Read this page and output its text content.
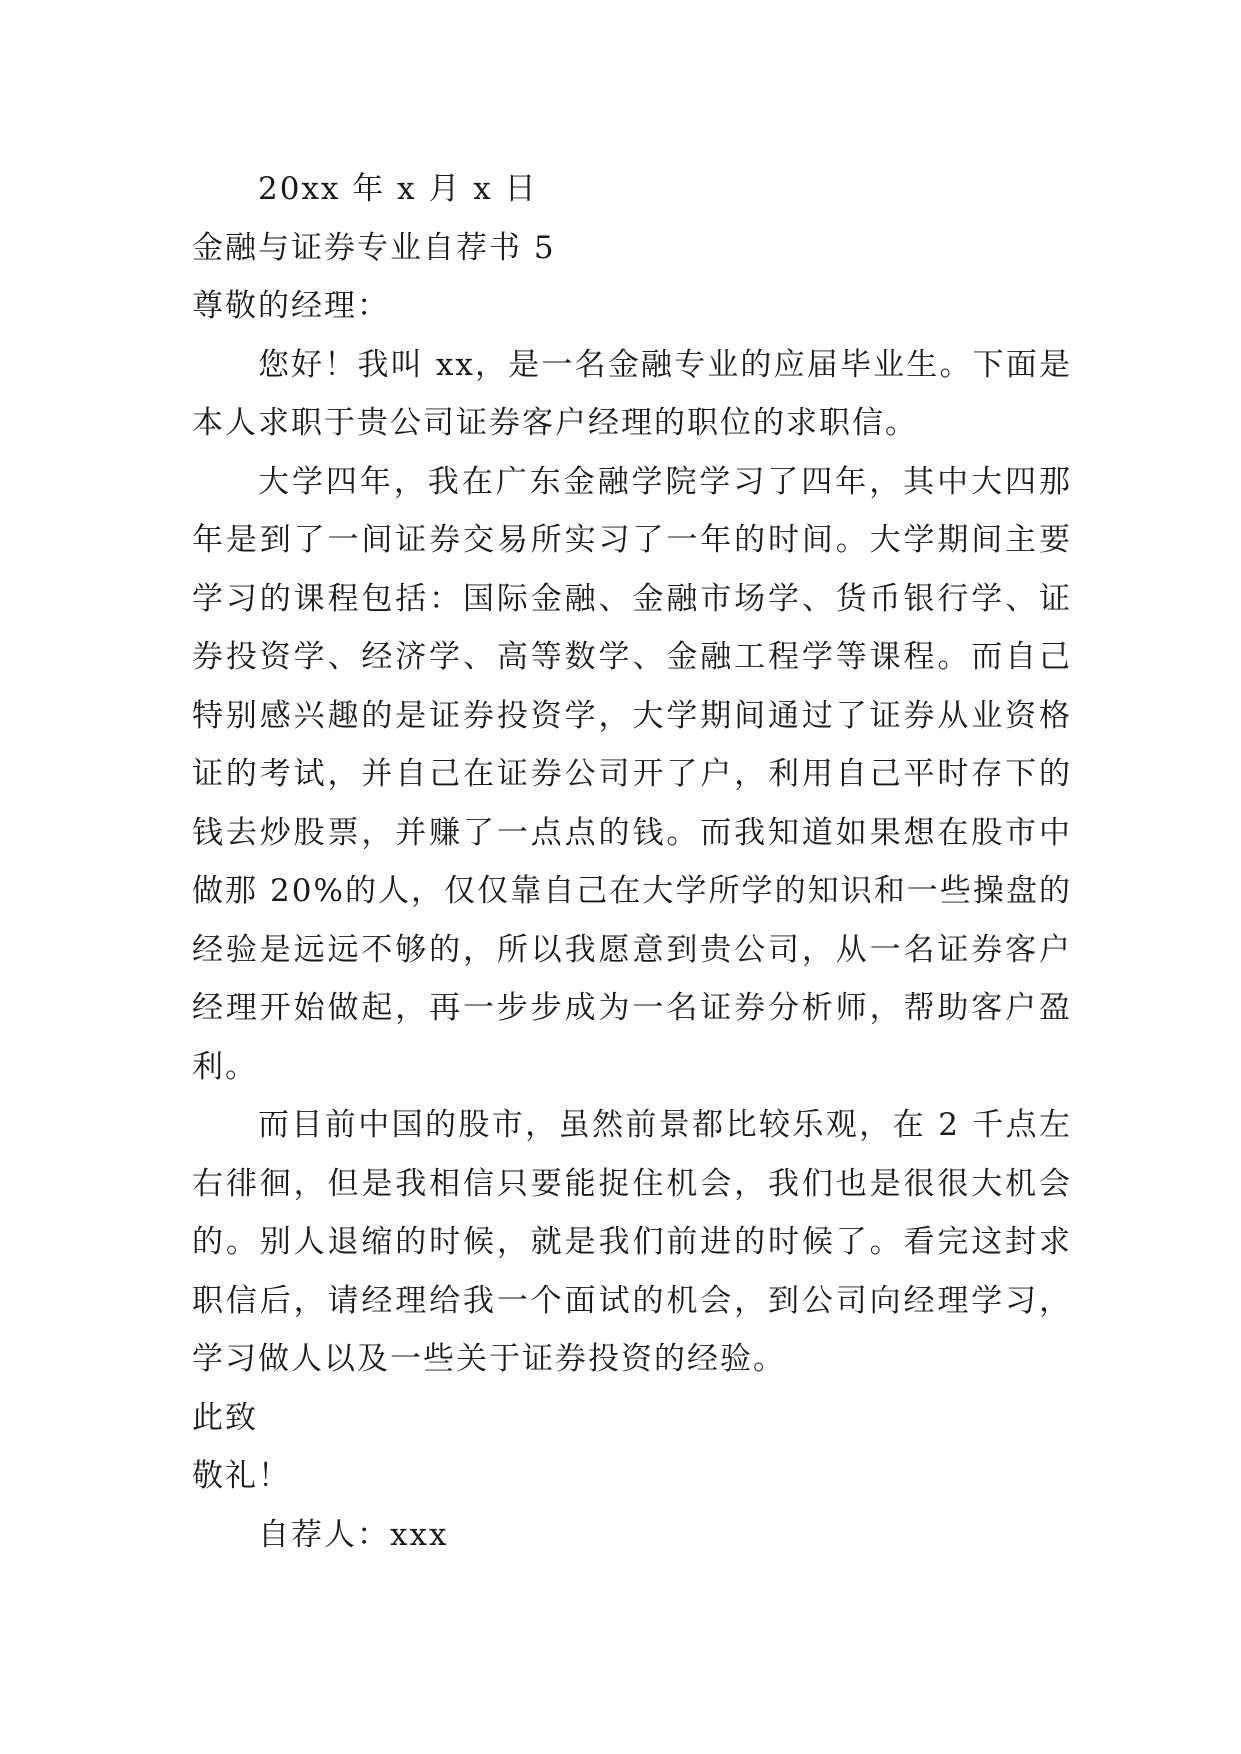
20xx 年 x 月 x 日

金融与证券专业自荐书 5

尊敬的经理：

您好！我叫 xx，是一名金融专业的应届毕业生。下面是本人求职于贵公司证券客户经理的职位的求职信。

大学四年，我在广东金融学院学习了四年，其中大四那年是到了一间证券交易所实习了一年的时间。大学期间主要学习的课程包括：国际金融、金融市场学、货币银行学、证券投资学、经济学、高等数学、金融工程学等课程。而自己特别感兴趣的是证券投资学，大学期间通过了证券从业资格证的考试，并自己在证券公司开了户，利用自己平时存下的钱去炒股票，并赚了一点点的钱。而我知道如果想在股市中做那 20%的人，仅仅靠自己在大学所学的知识和一些操盘的经验是远远不够的，所以我愿意到贵公司，从一名证券客户经理开始做起，再一步步成为一名证券分析师，帮助客户盈利。

而目前中国的股市，虽然前景都比较乐观，在 2 千点左右徘徊，但是我相信只要能捉住机会，我们也是很很大机会的。别人退缩的时候，就是我们前进的时候了。看完这封求职信后，请经理给我一个面试的机会，到公司向经理学习，学习做人以及一些关于证券投资的经验。

此致

敬礼！

自荐人：xxx
